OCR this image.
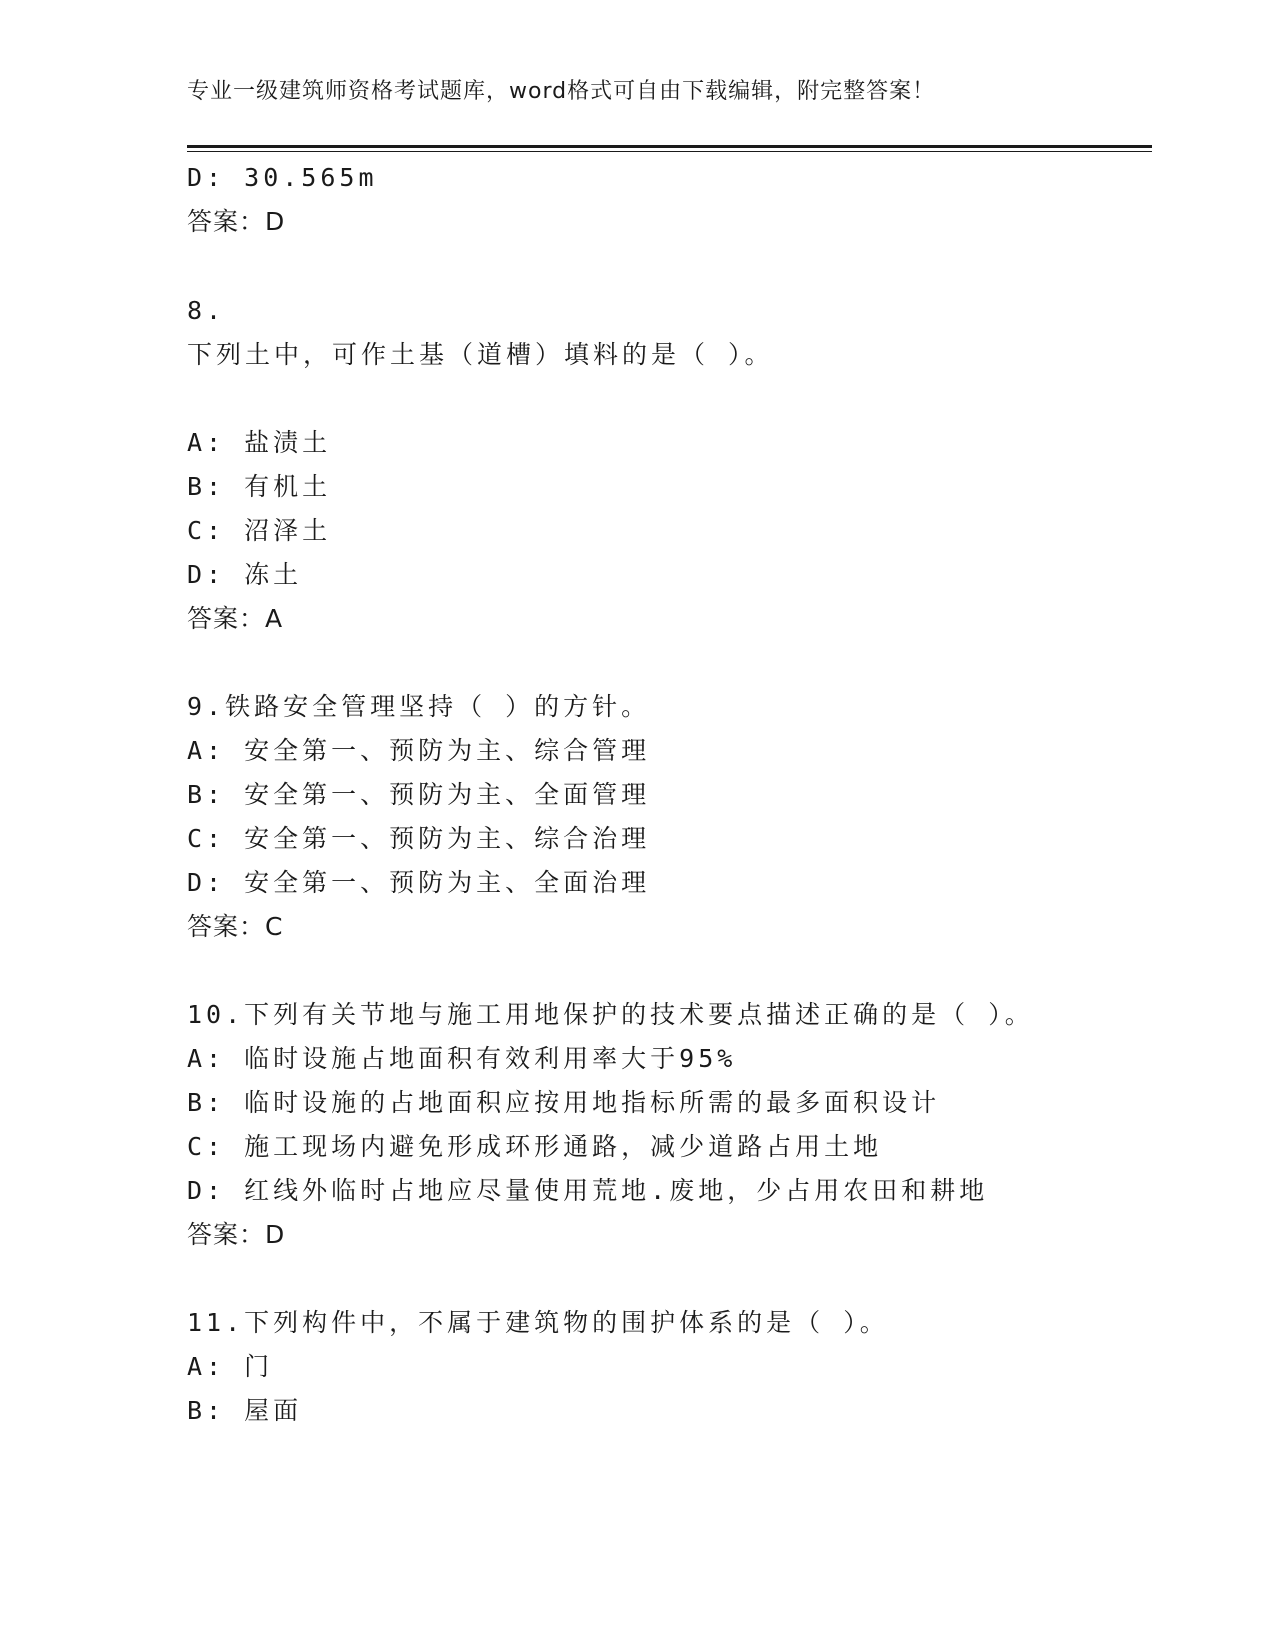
专业一级建筑师资格考试题库，word格式可自由下载编辑，附完整答案！
D: 30.565m
答案：D
8.
下列土中，可作土基（道槽）填料的是（ ）。
A: 盐渍土
B: 有机土
C: 沼泽土
D: 冻土
答案：A
9.铁路安全管理坚持（ ）的方针。
A: 安全第一、预防为主、综合管理
B: 安全第一、预防为主、全面管理
C: 安全第一、预防为主、综合治理
D: 安全第一、预防为主、全面治理
答案：C
10.下列有关节地与施工用地保护的技术要点描述正确的是（ ）。
A: 临时设施占地面积有效利用率大于95%
B: 临时设施的占地面积应按用地指标所需的最多面积设计
C: 施工现场内避免形成环形通路，减少道路占用土地
D: 红线外临时占地应尽量使用荒地.废地，少占用农田和耕地
答案：D
11.下列构件中，不属于建筑物的围护体系的是（ ）。
A: 门
B: 屋面
